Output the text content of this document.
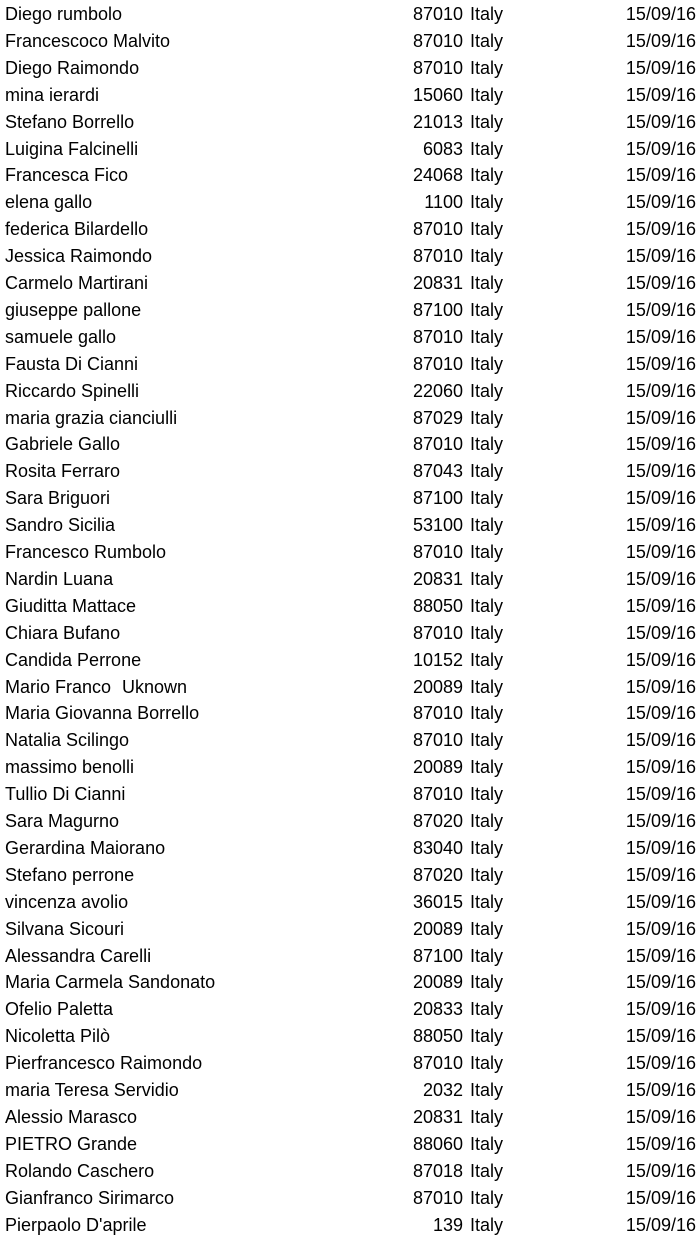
Diego rumbolo	87010 Italy	15/09/16
Francescoco Malvito	87010 Italy	15/09/16
Diego Raimondo	87010 Italy	15/09/16
mina ierardi	15060 Italy	15/09/16
Stefano Borrello	21013 Italy	15/09/16
Luigina Falcinelli	6083 Italy	15/09/16
Francesca Fico	24068 Italy	15/09/16
elena gallo	1100 Italy	15/09/16
federica Bilardello	87010 Italy	15/09/16
Jessica Raimondo	87010 Italy	15/09/16
Carmelo Martirani	20831 Italy	15/09/16
giuseppe pallone	87100 Italy	15/09/16
samuele gallo	87010 Italy	15/09/16
Fausta Di Cianni	87010 Italy	15/09/16
Riccardo Spinelli	22060 Italy	15/09/16
maria grazia cianciulli	87029 Italy	15/09/16
Gabriele Gallo	87010 Italy	15/09/16
Rosita Ferraro	87043 Italy	15/09/16
Sara Briguori	87100 Italy	15/09/16
Sandro Sicilia	53100 Italy	15/09/16
Francesco Rumbolo	87010 Italy	15/09/16
Nardin Luana	20831 Italy	15/09/16
Giuditta Mattace	88050 Italy	15/09/16
Chiara Bufano	87010 Italy	15/09/16
Candida Perrone	10152 Italy	15/09/16
Mario Franco Uknown	20089 Italy	15/09/16
Maria Giovanna Borrello	87010 Italy	15/09/16
Natalia Scilingo	87010 Italy	15/09/16
massimo benolli	20089 Italy	15/09/16
Tullio Di Cianni	87010 Italy	15/09/16
Sara Magurno	87020 Italy	15/09/16
Gerardina Maiorano	83040 Italy	15/09/16
Stefano perrone	87020 Italy	15/09/16
vincenza avolio	36015 Italy	15/09/16
Silvana Sicouri	20089 Italy	15/09/16
Alessandra Carelli	87100 Italy	15/09/16
Maria Carmela Sandonato	20089 Italy	15/09/16
Ofelio Paletta	20833 Italy	15/09/16
Nicoletta Pilò	88050 Italy	15/09/16
Pierfrancesco Raimondo	87010 Italy	15/09/16
maria Teresa Servidio	2032 Italy	15/09/16
Alessio Marasco	20831 Italy	15/09/16
PIETRO Grande	88060 Italy	15/09/16
Rolando Caschero	87018 Italy	15/09/16
Gianfranco Sirimarco	87010 Italy	15/09/16
Pierpaolo D'aprile	139 Italy	15/09/16
